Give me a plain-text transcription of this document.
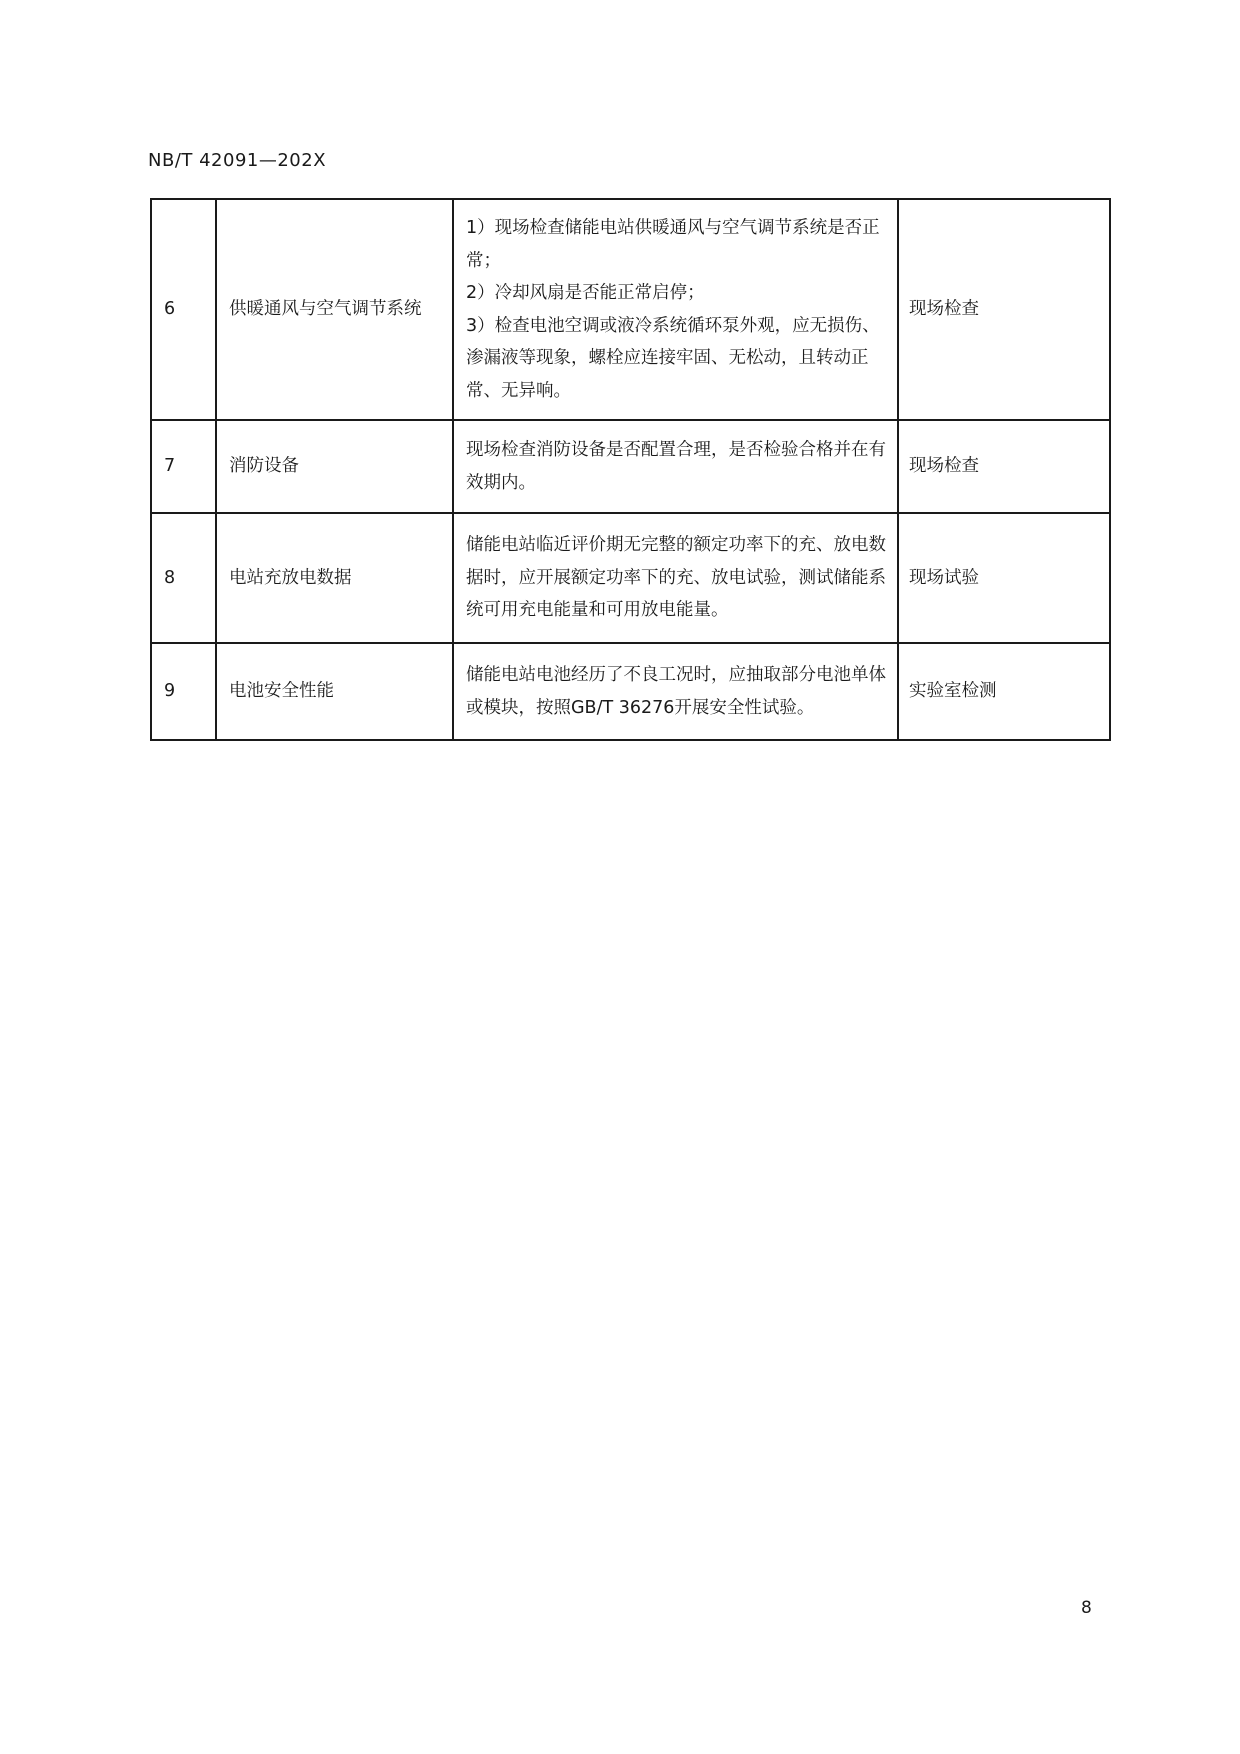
NB/T 42091—202X
6	供暖通风与空气调节系统	1）现场检查储能电站供暖通风与空气调节系统是否正常；
2）冷却风扇是否能正常启停；
3）检查电池空调或液冷系统循环泵外观，应无损伤、渗漏液等现象，螺栓应连接牢固、无松动，且转动正常、无异响。	现场检查
7	消防设备	现场检查消防设备是否配置合理，是否检验合格并在有效期内。	现场检查
8	电站充放电数据	储能电站临近评价期无完整的额定功率下的充、放电数据时，应开展额定功率下的充、放电试验，测试储能系统可用充电能量和可用放电能量。	现场试验
9	电池安全性能	储能电站电池经历了不良工况时，应抽取部分电池单体或模块，按照GB/T 36276开展安全性试验。	实验室检测
8
